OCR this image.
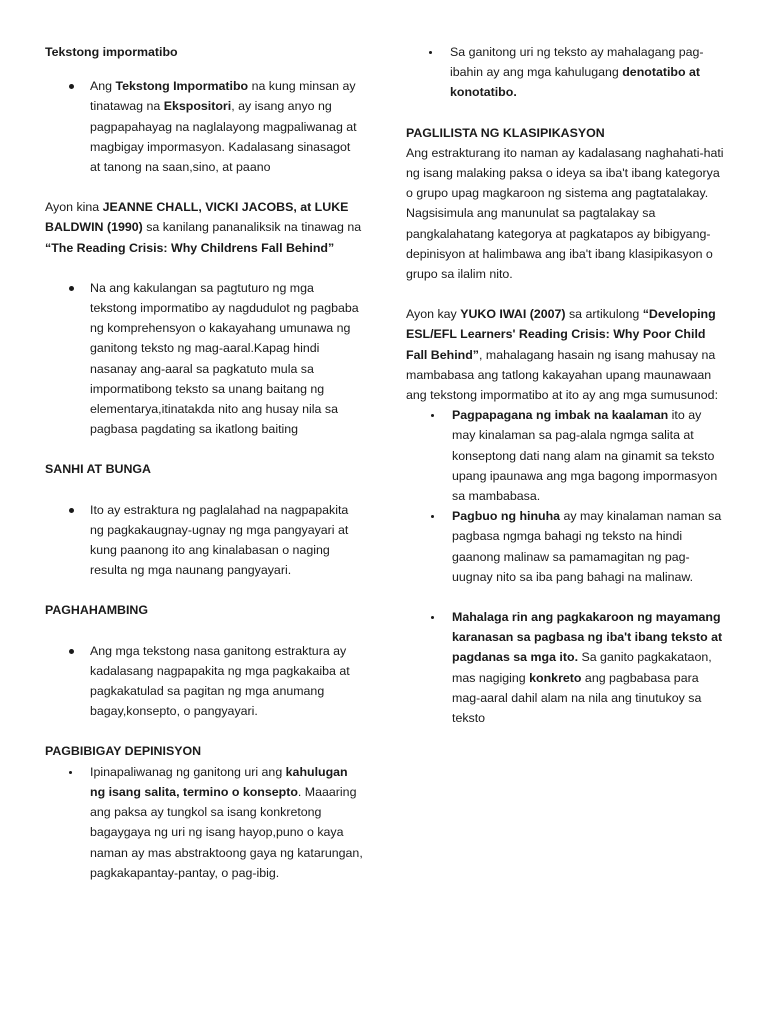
Tekstong impormatibo

Ang Tekstong Impormatibo na kung minsan ay tinatawag na Ekspositori, ay isang anyo ng pagpapahayag na naglalayong magpaliwanag at magbigay impormasyon. Kadalasang sinasagot at tanong na saan,sino, at paano

Ayon kina JEANNE CHALL, VICKI JACOBS, at LUKE BALDWIN (1990) sa kanilang pananaliksik na tinawag na “The Reading Crisis: Why Childrens Fall Behind”

Na ang kakulangan sa pagtuturo ng mga tekstong impormatibo ay nagdudulot ng pagbaba ng komprehensyon o kakayahang umunawa ng ganitong teksto ng mag-aaral.Kapag hindi nasanay ang-aaral sa pagkatuto mula sa impormatibong teksto sa unang baitang ng elementarya,itinatakda nito ang husay nila sa pagbasa pagdating sa ikatlong baiting

SANHI AT BUNGA

Ito ay estraktura ng paglalahad na nagpapakita ng pagkakaugnay-ugnay ng mga pangyayari at kung paanong ito ang kinalabasan o naging resulta ng mga naunang pangyayari.

PAGHAHAMBING

Ang mga tekstong nasa ganitong estraktura ay kadalasang nagpapakita ng mga pagkakaiba at pagkakatulad sa pagitan ng mga anumang bagay,konsepto, o pangyayari.

PAGBIBIGAY DEPINISYON

Ipinapaliwanag ng ganitong uri ang kahulugan ng isang salita, termino o konsepto. Maaaring ang paksa ay tungkol sa isang konkretong bagaygaya ng uri ng isang hayop,puno o kaya naman ay mas abstraktoong gaya ng katarungan, pagkakapantay-pantay, o pag-ibig.
Sa ganitong uri ng teksto ay mahalagang pag-ibahin ay ang mga kahulugang denotatibo at konotatibo.

PAGLILISTA NG KLASIPIKASYON

Ang estrakturang ito naman ay kadalasang naghahati-hati ng isang malaking paksa o ideya sa iba't ibang kategorya o grupo upag magkaroon ng sistema ang pagtatalakay. Nagsisimula ang manunulat sa pagtalakay sa pangkalahatang kategorya at pagkatapos ay bibigyang-depinisyon at halimbawa ang iba't ibang klasipikasyon o grupo sa ilalim nito.

Ayon kay YUKO IWAI (2007) sa artikulong “Developing ESL/EFL Learners' Reading Crisis: Why Poor Child Fall Behind”, mahalagang hasain ng isang mahusay na mambabasa ang tatlong kakayahan upang maunawaan ang tekstong impormatibo at ito ay ang mga sumusunod:

Pagpapagana ng imbak na kaalaman ito ay may kinalaman sa pag-alala ngmga salita at konseptong dati nang alam na ginamit sa teksto upang ipaunawa ang mga bagong impormasyon sa mambabasa.
Pagbuo ng hinuha ay may kinalaman naman sa pagbasa ngmga bahagi ng teksto na hindi gaanong malinaw sa pamamagitan ng pag-uugnay nito sa iba pang bahagi na malinaw.
Mahalaga rin ang pagkakaroon ng mayamang karanasan sa pagbasa ng iba't ibang teksto at pagdanas sa mga ito. Sa ganito pagkakataon, mas nagiging konkreto ang pagbabasa para mag-aaral dahil alam na nila ang tinutukoy sa teksto
